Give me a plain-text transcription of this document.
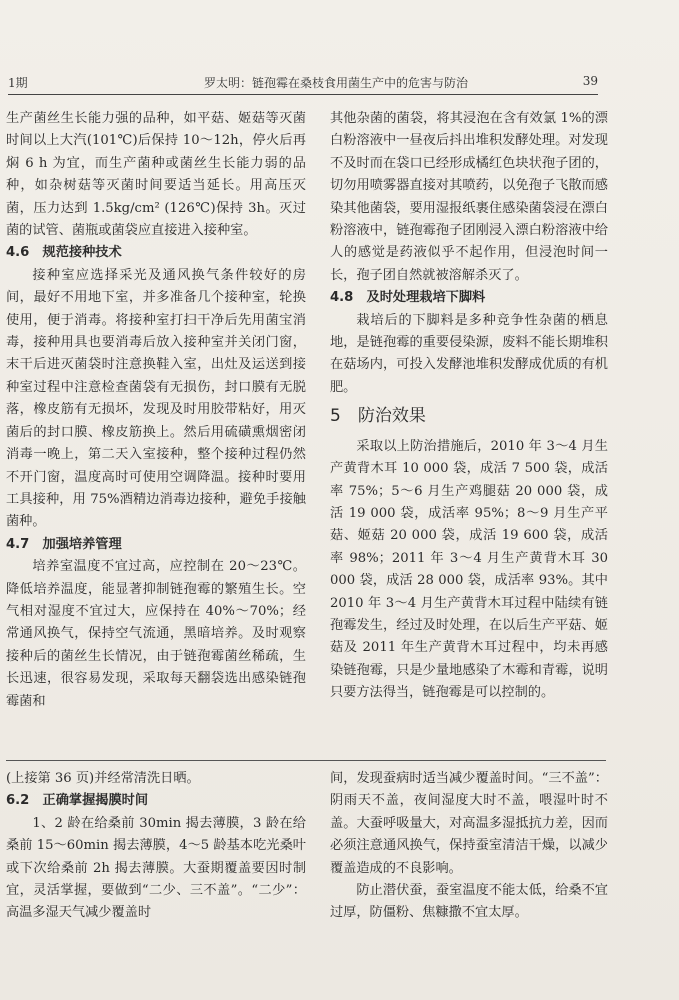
1期	罗太明：链孢霉在桑枝食用菌生产中的危害与防治	39

生产菌丝生长能力强的品种，如平菇、姬菇等灭菌时间以上大汽(101℃)后保持 10～12h，停火后再焖 6 h 为宜，而生产菌种或菌丝生长能力弱的品种，如杂树菇等灭菌时间要适当延长。用高压灭菌，压力达到 1.5kg/cm² (126℃)保持 3h。灭过菌的试管、菌瓶或菌袋应直接进入接种室。

4.6　规范接种技术

接种室应选择采光及通风换气条件较好的房间，最好不用地下室，并多准备几个接种室，轮换使用，便于消毒。将接种室打扫干净后先用菌宝消毒，接种用具也要消毒后放入接种室并关闭门窗，末干后进灭菌袋时注意换鞋入室，出灶及运送到接种室过程中注意检查菌袋有无损伤，封口膜有无脱落，橡皮筋有无损坏，发现及时用胶带粘好，用灭菌后的封口膜、橡皮筋换上。然后用硫磺熏烟密闭消毒一晚上，第二天入室接种，整个接种过程仍然不开门窗，温度高时可使用空调降温。接种时要用工具接种，用 75%酒精边消毒边接种，避免手接触菌种。

4.7　加强培养管理

培养室温度不宜过高，应控制在 20～23℃。降低培养温度，能显著抑制链孢霉的繁殖生长。空气相对湿度不宜过大，应保持在 40%～70%；经常通风换气，保持空气流通，黑暗培养。及时观察接种后的菌丝生长情况，由于链孢霉菌丝稀疏，生长迅速，很容易发现，采取每天翻袋选出感染链孢霉菌和

其他杂菌的菌袋，将其浸泡在含有效氯 1%的漂白粉溶液中一昼夜后抖出堆积发酵处理。对发现不及时而在袋口已经形成橘红色块状孢子团的，切勿用喷雾器直接对其喷药，以免孢子飞散而感染其他菌袋，要用湿报纸裹住感染菌袋浸在漂白粉溶液中，链孢霉孢子团刚浸入漂白粉溶液中给人的感觉是药液似乎不起作用，但浸泡时间一长，孢子团自然就被溶解杀灭了。

4.8　及时处理栽培下脚料

栽培后的下脚料是多种竞争性杂菌的栖息地，是链孢霉的重要侵染源，废料不能长期堆积在菇场内，可投入发酵池堆积发酵成优质的有机肥。

5　防治效果

采取以上防治措施后，2010 年 3～4 月生产黄背木耳 10 000 袋，成活 7 500 袋，成活率 75%；5～6 月生产鸡腿菇 20 000 袋，成活 19 000 袋，成活率 95%；8～9 月生产平菇、姬菇 20 000 袋，成活 19 600 袋，成活率 98%；2011 年 3～4 月生产黄背木耳 30 000 袋，成活 28 000 袋，成活率 93%。其中 2010 年 3～4 月生产黄背木耳过程中陆续有链孢霉发生，经过及时处理，在以后生产平菇、姬菇及 2011 年生产黄背木耳过程中，均未再感染链孢霉，只是少量地感染了木霉和青霉，说明只要方法得当，链孢霉是可以控制的。

(上接第 36 页)并经常清洗日晒。

6.2　正确掌握揭膜时间

1、2 龄在给桑前 30min 揭去薄膜，3 龄在给桑前 15～60min 揭去薄膜，4～5 龄基本吃光桑叶或下次给桑前 2h 揭去薄膜。大蚕期覆盖要因时制宜，灵活掌握，要做到“二少、三不盖”。“二少”：高温多湿天气减少覆盖时

间，发现蚕病时适当减少覆盖时间。“三不盖”：阴雨天不盖，夜间湿度大时不盖，喂湿叶时不盖。大蚕呼吸量大，对高温多湿抵抗力差，因而必须注意通风换气，保持蚕室清洁干燥，以减少覆盖造成的不良影响。

防止潜伏蚕，蚕室温度不能太低，给桑不宜过厚，防僵粉、焦糠撒不宜太厚。
